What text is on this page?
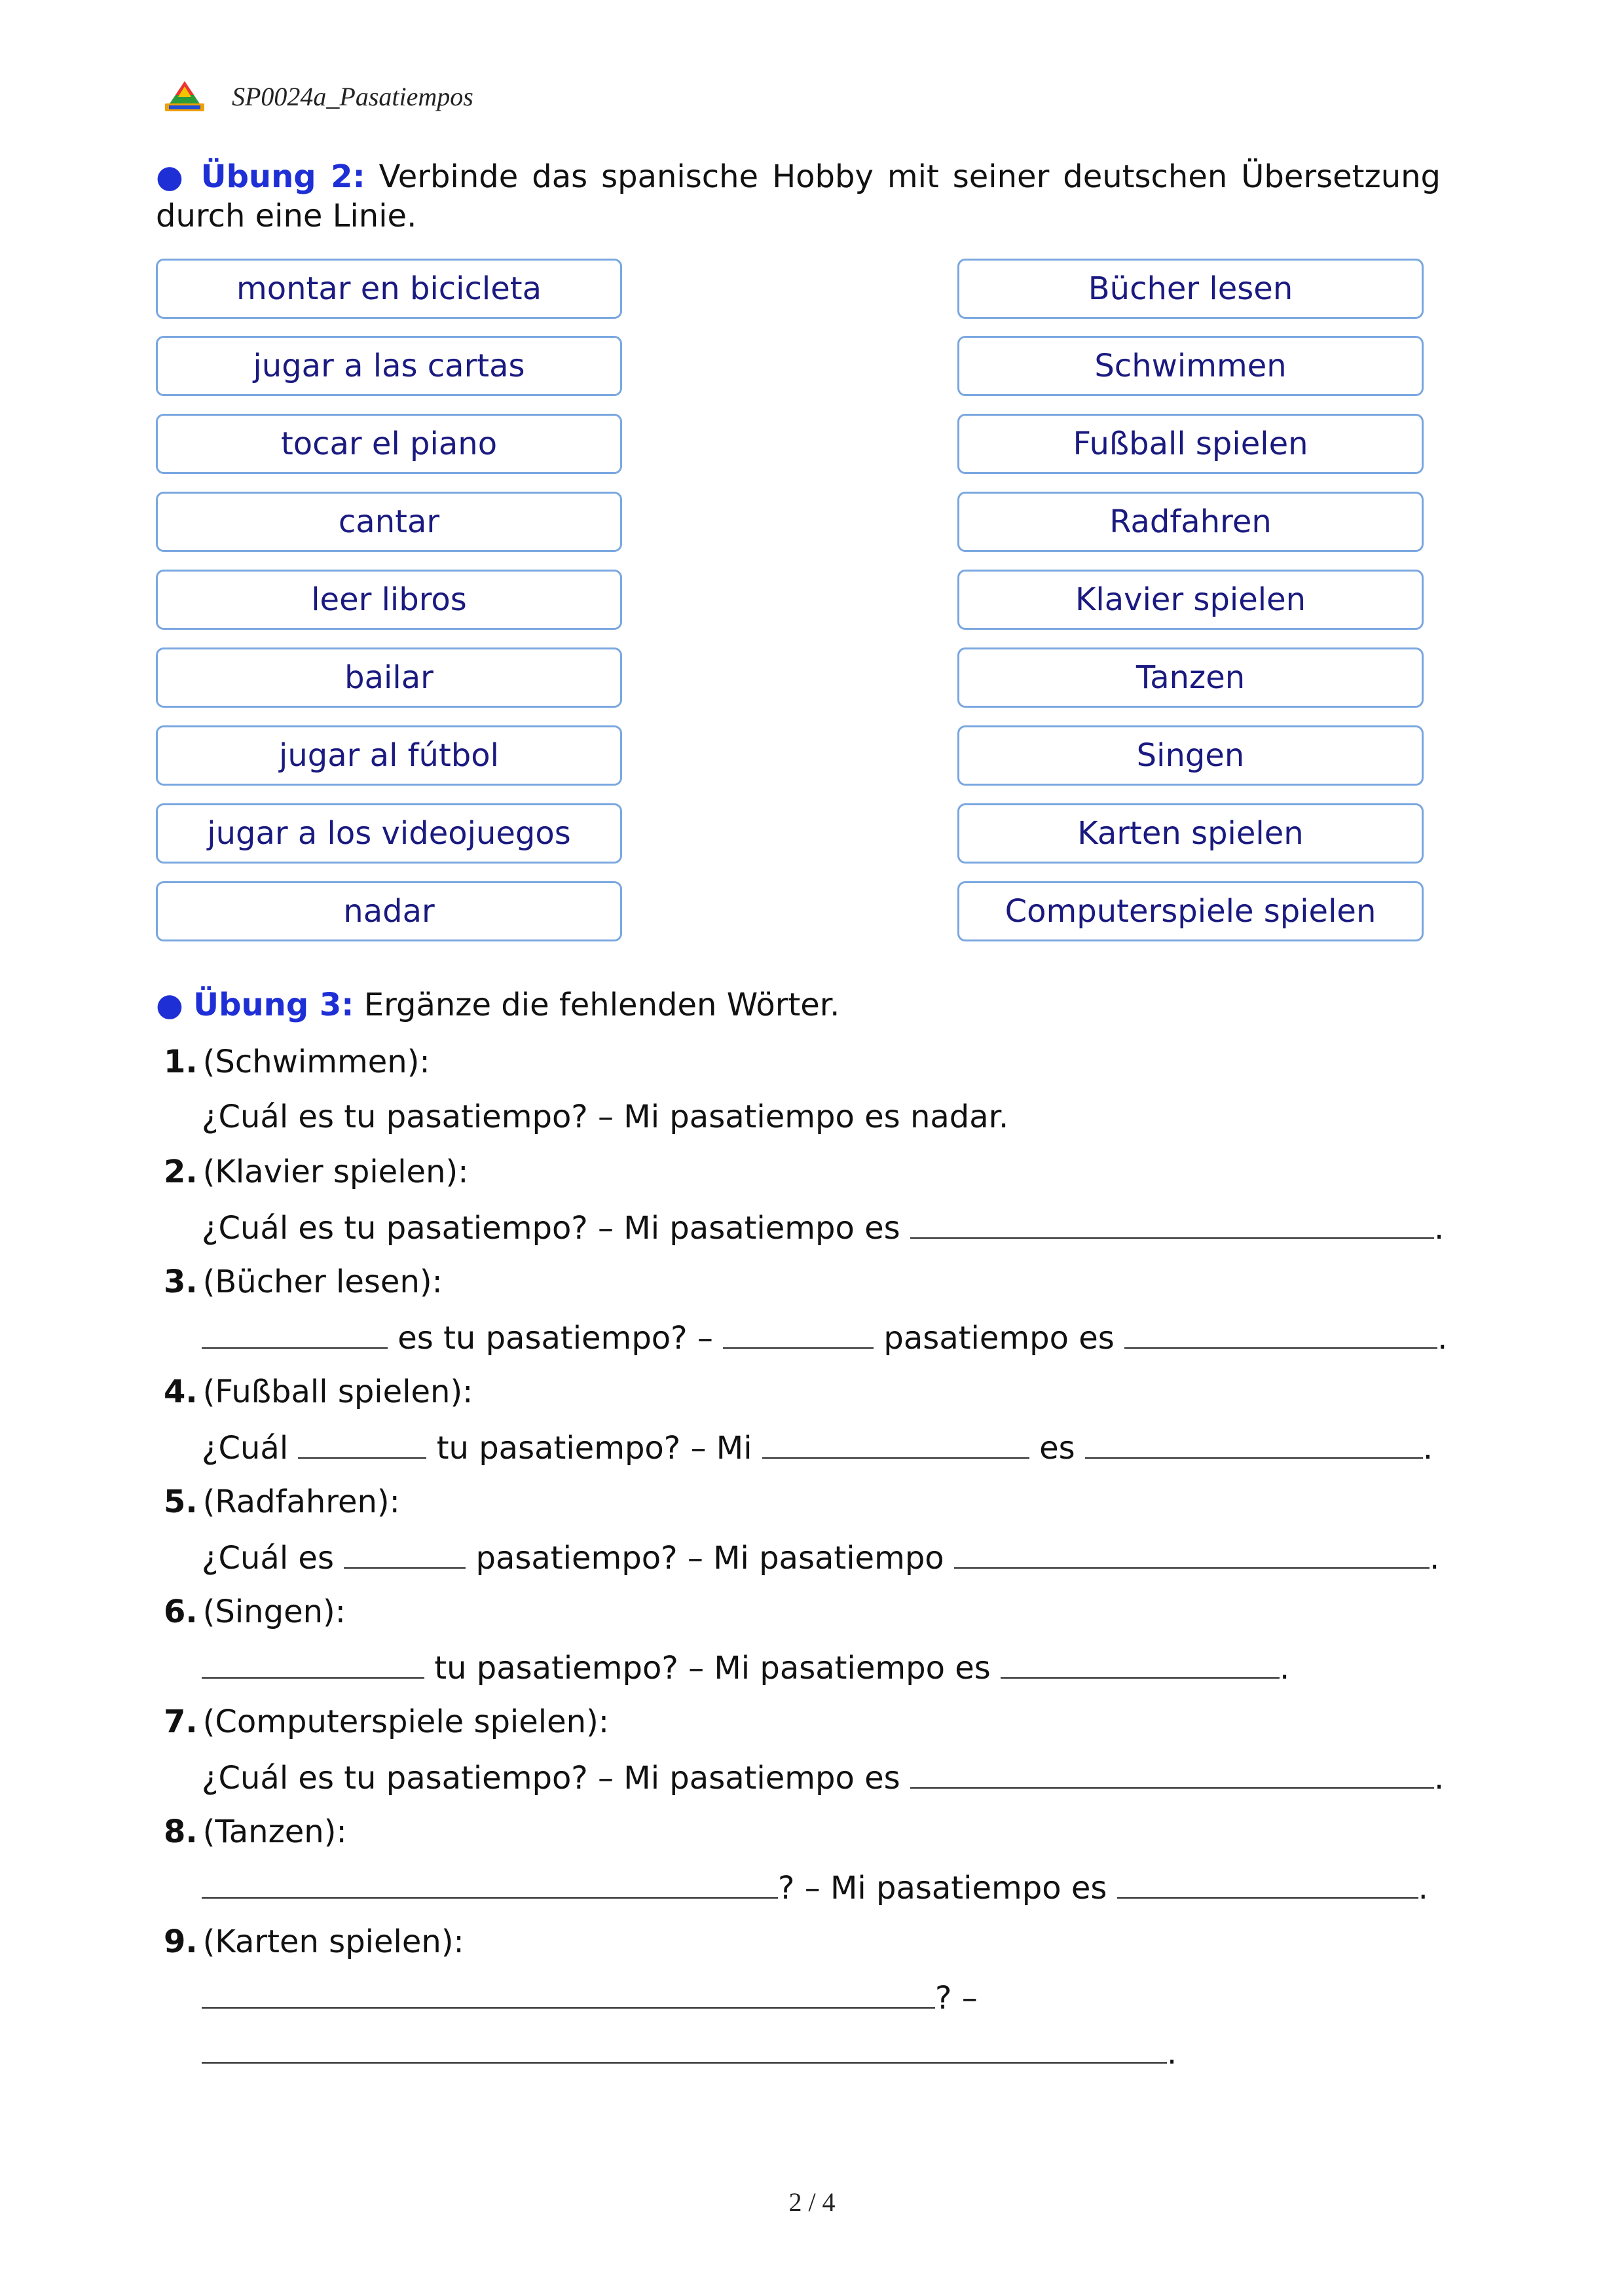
SP0024a_Pasatiempos
● Übung 2: Verbinde das spanische Hobby mit seiner deutschen Übersetzung durch eine Linie.
montar en bicicleta
jugar a las cartas
tocar el piano
cantar
leer libros
bailar
jugar al fútbol
jugar a los videojuegos
nadar
Bücher lesen
Schwimmen
Fußball spielen
Radfahren
Klavier spielen
Tanzen
Singen
Karten spielen
Computerspiele spielen
● Übung 3: Ergänze die fehlenden Wörter.
1. (Schwimmen):
¿Cuál es tu pasatiempo? – Mi pasatiempo es nadar.
2. (Klavier spielen):
¿Cuál es tu pasatiempo? – Mi pasatiempo es	.
3. (Bücher lesen):
es tu pasatiempo? –	pasatiempo es	.
4. (Fußball spielen):
¿Cuál	tu pasatiempo? – Mi	es	.
5. (Radfahren):
¿Cuál es	pasatiempo? – Mi pasatiempo	.
6. (Singen):
tu pasatiempo? – Mi pasatiempo es	.
7. (Computerspiele spielen):
¿Cuál es tu pasatiempo? – Mi pasatiempo es	.
8. (Tanzen):
? – Mi pasatiempo es	.
9. (Karten spielen):
? –
.
2 / 4
